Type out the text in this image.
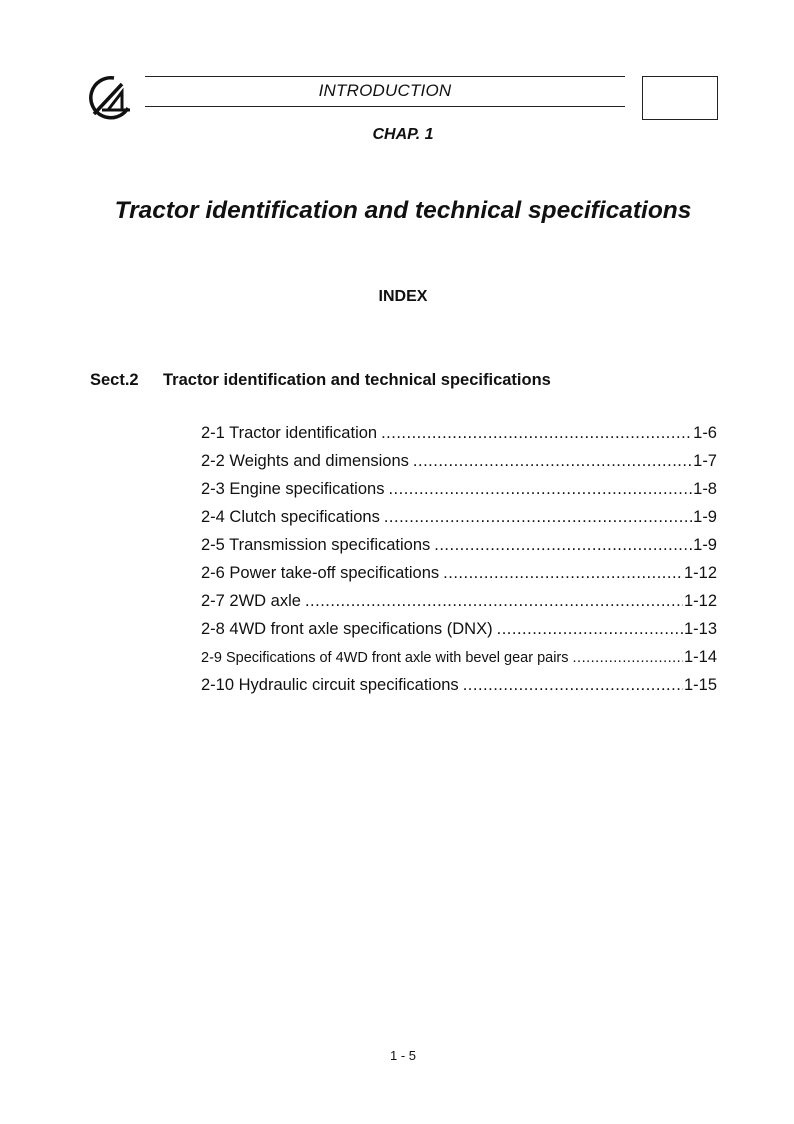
INTRODUCTION
CHAP. 1
Tractor identification and technical specifications
INDEX
Sect.2 Tractor identification and technical specifications
2-1 Tractor identification .....	1-6
2-2 Weights and dimensions .....	1-7
2-3 Engine specifications .....	1-8
2-4 Clutch specifications .....	1-9
2-5 Transmission specifications .....	1-9
2-6 Power take-off specifications .....	1-12
2-7 2WD axle .....	1-12
2-8 4WD front axle specifications (DNX) .....	1-13
2-9 Specifications of 4WD front axle with bevel gear pairs .....	1-14
2-10 Hydraulic circuit specifications .....	1-15
1 - 5
